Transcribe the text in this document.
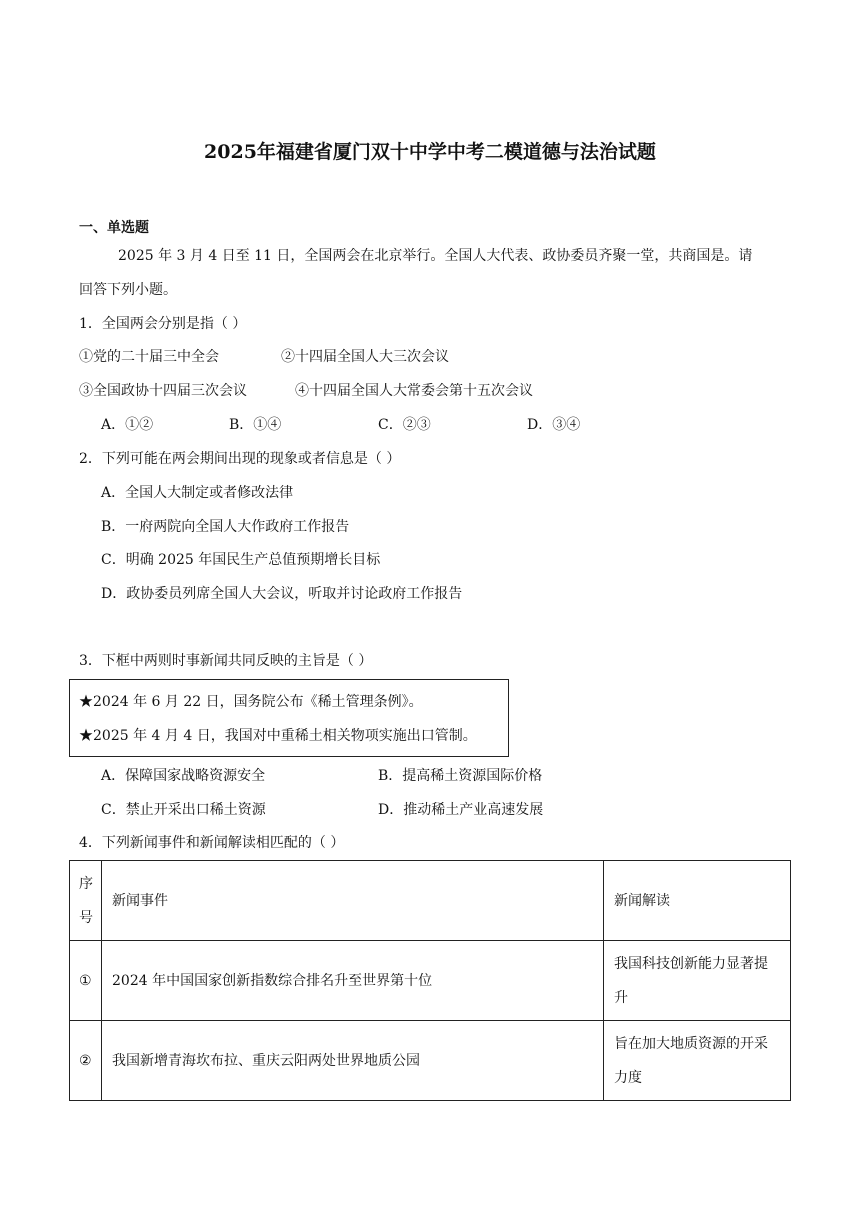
2025年福建省厦门双十中学中考二模道德与法治试题
一、单选题
2025 年 3 月 4 日至 11 日，全国两会在北京举行。全国人大代表、政协委员齐聚一堂，共商国是。请
回答下列小题。
1．全国两会分别是指（ ）
①党的二十届三中全会	②十四届全国人大三次会议
③全国政协十四届三次会议	④十四届全国人大常委会第十五次会议
A．①②	B．①④	C．②③	D．③④
2．下列可能在两会期间出现的现象或者信息是（ ）
A．全国人大制定或者修改法律
B．一府两院向全国人大作政府工作报告
C．明确 2025 年国民生产总值预期增长目标
D．政协委员列席全国人大会议，听取并讨论政府工作报告
3．下框中两则时事新闻共同反映的主旨是（ ）
★2024 年 6 月 22 日，国务院公布《稀土管理条例》。
★2025 年 4 月 4 日，我国对中重稀土相关物项实施出口管制。
A．保障国家战略资源安全	B．提高稀土资源国际价格
C．禁止开采出口稀土资源	D．推动稀土产业高速发展
4．下列新闻事件和新闻解读相匹配的（ ）
序号	新闻事件	新闻解读
①	2024 年中国国家创新指数综合排名升至世界第十位	我国科技创新能力显著提升
②	我国新增青海坎布拉、重庆云阳两处世界地质公园	旨在加大地质资源的开采力度
